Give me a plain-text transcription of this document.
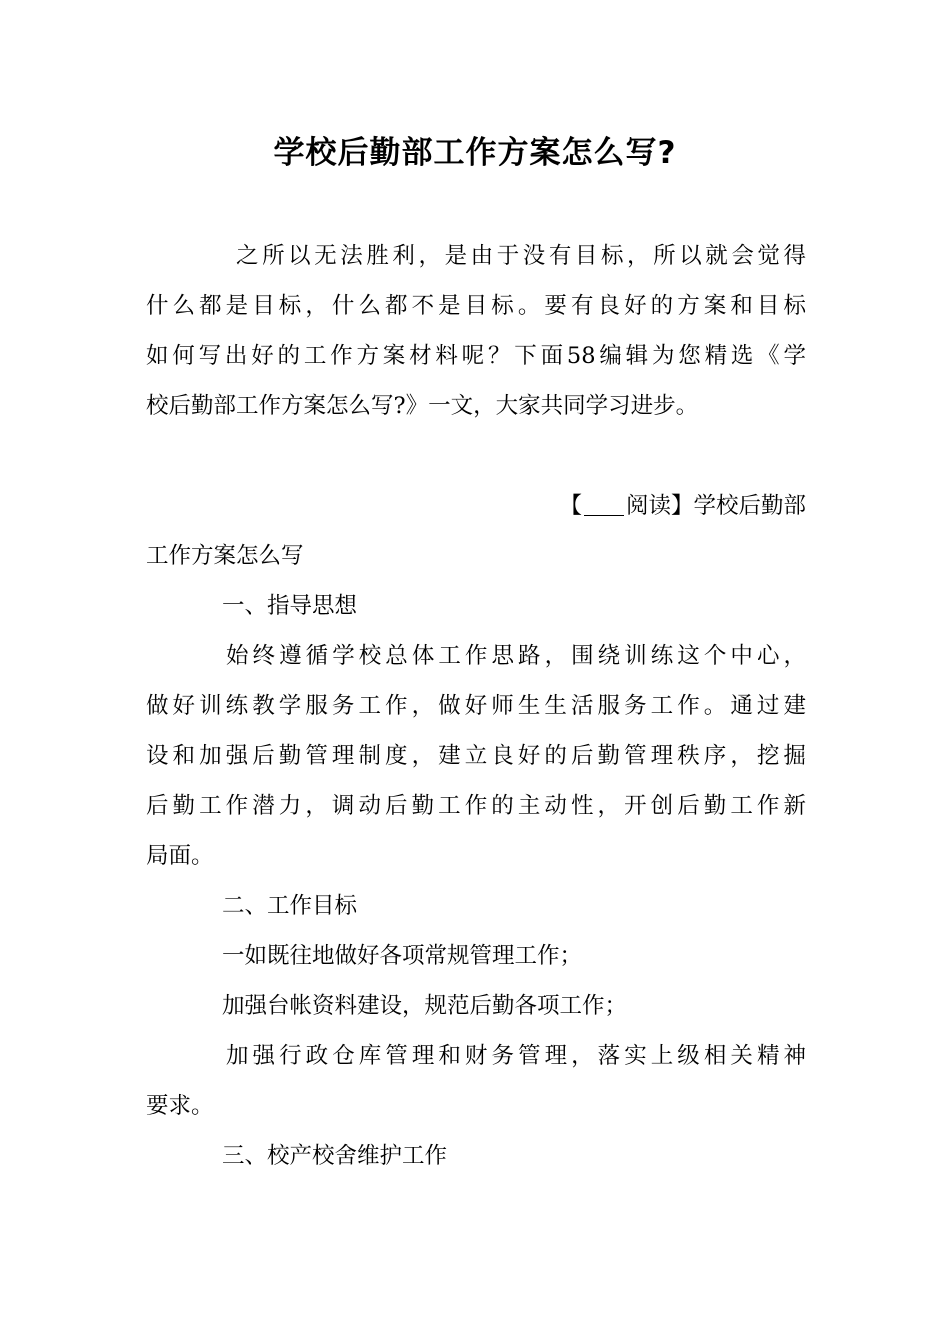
学校后勤部工作方案怎么写?
之所以无法胜利，是由于没有目标，所以就会觉得
什么都是目标，什么都不是目标。要有良好的方案和目标
如何写出好的工作方案材料呢？下面58编辑为您精选《学
校后勤部工作方案怎么写?》一文，大家共同学习进步。
【 阅读】学校后勤部
工作方案怎么写
一、指导思想
始终遵循学校总体工作思路，围绕训练这个中心，
做好训练教学服务工作，做好师生生活服务工作。通过建
设和加强后勤管理制度，建立良好的后勤管理秩序，挖掘
后勤工作潜力，调动后勤工作的主动性，开创后勤工作新
局面。
二、工作目标
一如既往地做好各项常规管理工作；
加强台帐资料建设，规范后勤各项工作；
加强行政仓库管理和财务管理，落实上级相关精神
要求。
三、校产校舍维护工作
